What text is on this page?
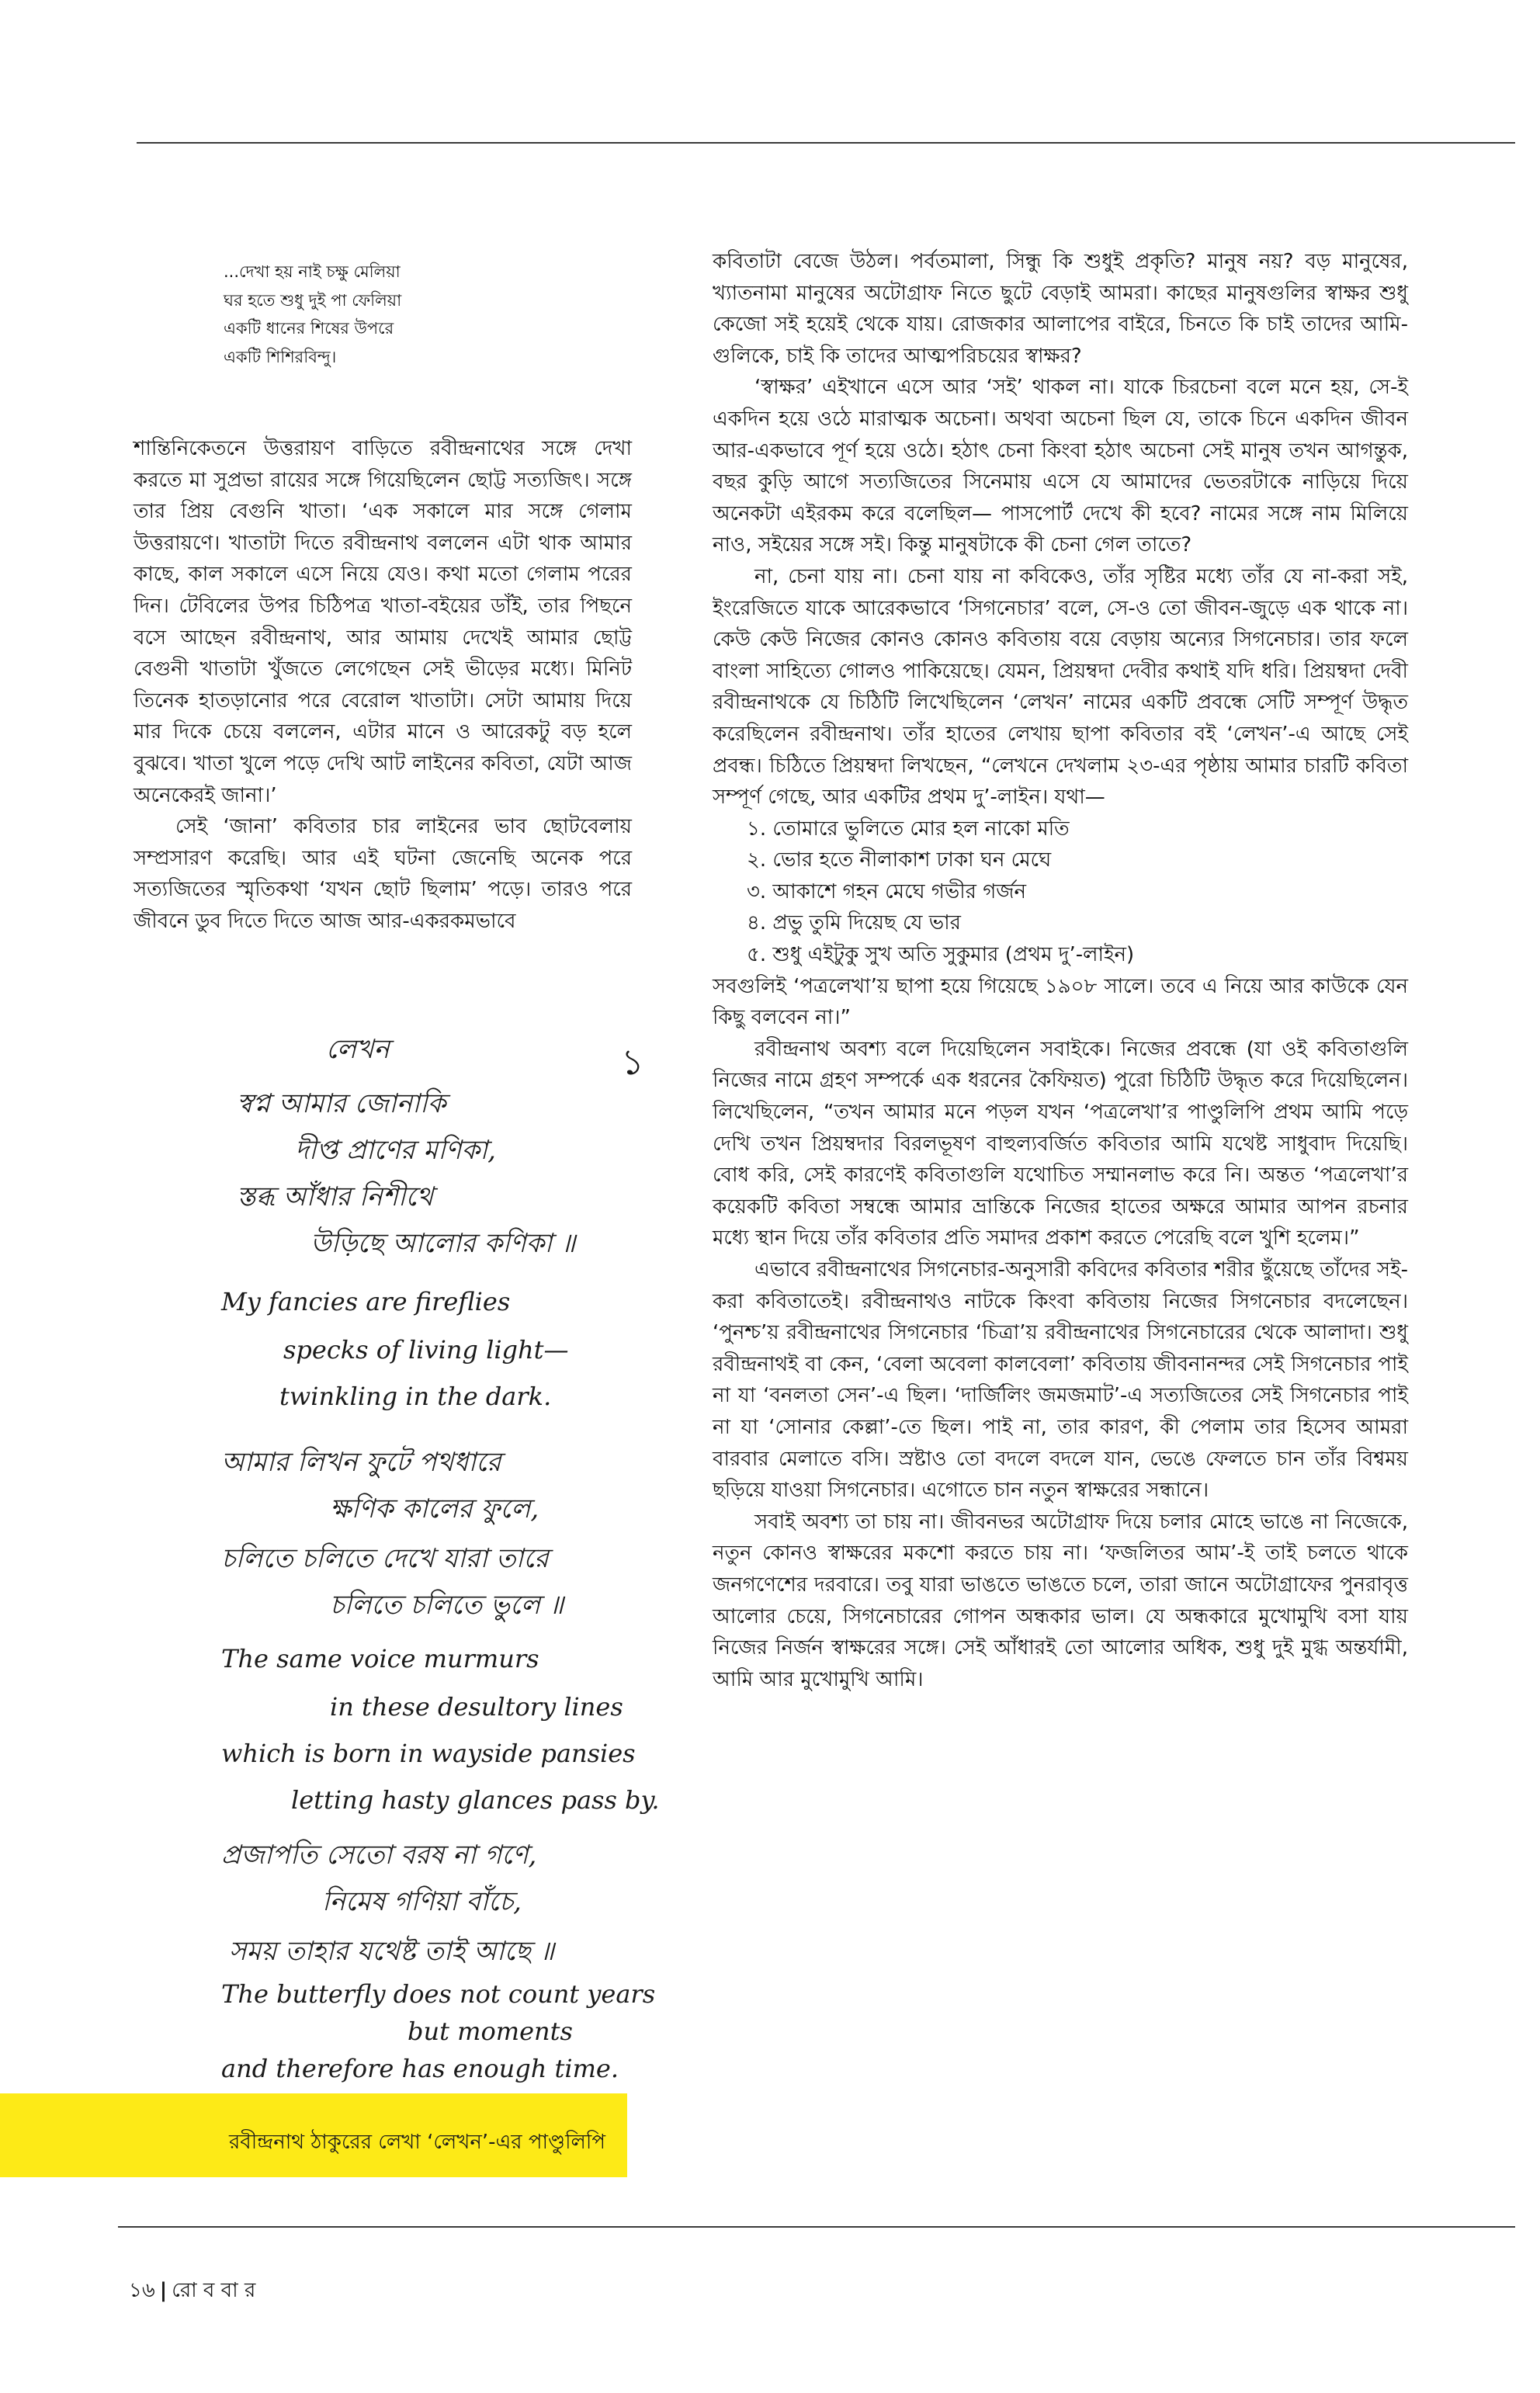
...দেখা হয় নাই চক্ষু মেলিয়া
ঘর হতে শুধু দুই পা ফেলিয়া
একটি ধানের শিষের উপরে
একটি শিশিরবিন্দু।

শান্তিনিকেতনে উত্তরায়ণ বাড়িতে রবীন্দ্রনাথের সঙ্গে দেখা করতে মা সুপ্রভা রায়ের সঙ্গে গিয়েছিলেন ছোট্ট সত্যজিৎ। সঙ্গে তার প্রিয় বেগুনি খাতা। ‘এক সকালে মার সঙ্গে গেলাম উত্তরায়ণে। খাতাটা দিতে রবীন্দ্রনাথ বললেন এটা থাক আমার কাছে, কাল সকালে এসে নিয়ে যেও। কথা মতো গেলাম পরের দিন। টেবিলের উপর চিঠিপত্র খাতা-বইয়ের ডাঁই, তার পিছনে বসে আছেন রবীন্দ্রনাথ, আর আমায় দেখেই আমার ছোট্ট বেগুনী খাতাটা খুঁজতে লেগেছেন সেই ভীড়ের মধ্যে। মিনিট তিনেক হাতড়ানোর পরে বেরোল খাতাটা। সেটা আমায় দিয়ে মার দিকে চেয়ে বললেন, এটার মানে ও আরেকটু বড় হলে বুঝবে। খাতা খুলে পড়ে দেখি আট লাইনের কবিতা, যেটা আজ অনেকেরই জানা।’

সেই ‘জানা’ কবিতার চার লাইনের ভাব ছোটবেলায় সম্প্রসারণ করেছি। আর এই ঘটনা জেনেছি অনেক পরে সত্যজিতের স্মৃতিকথা ‘যখন ছোট ছিলাম’ পড়ে। তারও পরে জীবনে ডুব দিতে দিতে আজ আর-একরকমভাবে

লেখন	১
স্বপ্ন আমার জোনাকি
দীপ্ত প্রাণের মণিকা,
স্তব্ধ আঁধার নিশীথে
উড়িছে আলোর কণিকা ॥
My fancies are fireflies
specks of living light—
twinkling in the dark.
আমার লিখন ফুটে পথধারে
ক্ষণিক কালের ফুলে,
চলিতে চলিতে দেখে যারা তারে
চলিতে চলিতে ভুলে ॥
The same voice murmurs
in these desultory lines
which is born in wayside pansies
letting hasty glances pass by.
প্রজাপতি সেতো বরষ না গণে,
নিমেষ গণিয়া বাঁচে,
সময় তাহার যথেষ্ট তাই আছে ॥
The butterfly does not count years
but moments
and therefore has enough time.
রবীন্দ্রনাথ ঠাকুরের লেখা ‘লেখন’-এর পাণ্ডুলিপি

কবিতাটা বেজে উঠল। পর্বতমালা, সিন্ধু কি শুধুই প্রকৃতি? মানুষ নয়? বড় মানুষের, খ্যাতনামা মানুষের অটোগ্রাফ নিতে ছুটে বেড়াই আমরা। কাছের মানুষগুলির স্বাক্ষর শুধু কেজো সই হয়েই থেকে যায়। রোজকার আলাপের বাইরে, চিনতে কি চাই তাদের আমি-গুলিকে, চাই কি তাদের আত্মপরিচয়ের স্বাক্ষর?

‘স্বাক্ষর’ এইখানে এসে আর ‘সই’ থাকল না। যাকে চিরচেনা বলে মনে হয়, সে-ই একদিন হয়ে ওঠে মারাত্মক অচেনা। অথবা অচেনা ছিল যে, তাকে চিনে একদিন জীবন আর-একভাবে পূর্ণ হয়ে ওঠে। হঠাৎ চেনা কিংবা হঠাৎ অচেনা সেই মানুষ তখন আগন্তুক, বছর কুড়ি আগে সত্যজিতের সিনেমায় এসে যে আমাদের ভেতরটাকে নাড়িয়ে দিয়ে অনেকটা এইরকম করে বলেছিল— পাসপোর্ট দেখে কী হবে? নামের সঙ্গে নাম মিলিয়ে নাও, সইয়ের সঙ্গে সই। কিন্তু মানুষটাকে কী চেনা গেল তাতে?

না, চেনা যায় না। চেনা যায় না কবিকেও, তাঁর সৃষ্টির মধ্যে তাঁর যে না-করা সই, ইংরেজিতে যাকে আরেকভাবে ‘সিগনেচার’ বলে, সে-ও তো জীবন-জুড়ে এক থাকে না। কেউ কেউ নিজের কোনও কোনও কবিতায় বয়ে বেড়ায় অন্যের সিগনেচার। তার ফলে বাংলা সাহিত্যে গোলও পাকিয়েছে। যেমন, প্রিয়ম্বদা দেবীর কথাই যদি ধরি। প্রিয়ম্বদা দেবী রবীন্দ্রনাথকে যে চিঠিটি লিখেছিলেন ‘লেখন’ নামের একটি প্রবন্ধে সেটি সম্পূর্ণ উদ্ধৃত করেছিলেন রবীন্দ্রনাথ। তাঁর হাতের লেখায় ছাপা কবিতার বই ‘লেখন’-এ আছে সেই প্রবন্ধ। চিঠিতে প্রিয়ম্বদা লিখছেন, “লেখনে দেখলাম ২৩-এর পৃষ্ঠায় আমার চারটি কবিতা সম্পূর্ণ গেছে, আর একটির প্রথম দু’-লাইন। যথা—

১. তোমারে ভুলিতে মোর হল নাকো মতি
২. ভোর হতে নীলাকাশ ঢাকা ঘন মেঘে
৩. আকাশে গহন মেঘে গভীর গর্জন
৪. প্রভু তুমি দিয়েছ যে ভার
৫. শুধু এইটুকু সুখ অতি সুকুমার (প্রথম দু’-লাইন)

সবগুলিই ‘পত্রলেখা’য় ছাপা হয়ে গিয়েছে ১৯০৮ সালে। তবে এ নিয়ে আর কাউকে যেন কিছু বলবেন না।”

রবীন্দ্রনাথ অবশ্য বলে দিয়েছিলেন সবাইকে। নিজের প্রবন্ধে (যা ওই কবিতাগুলি নিজের নামে গ্রহণ সম্পর্কে এক ধরনের কৈফিয়ত) পুরো চিঠিটি উদ্ধৃত করে দিয়েছিলেন। লিখেছিলেন, “তখন আমার মনে পড়ল যখন ‘পত্রলেখা’র পাণ্ডুলিপি প্রথম আমি পড়ে দেখি তখন প্রিয়ম্বদার বিরলভূষণ বাহুল্যবর্জিত কবিতার আমি যথেষ্ট সাধুবাদ দিয়েছি। বোধ করি, সেই কারণেই কবিতাগুলি যথোচিত সম্মানলাভ করে নি। অন্তত ‘পত্রলেখা’র কয়েকটি কবিতা সম্বন্ধে আমার ভ্রান্তিকে নিজের হাতের অক্ষরে আমার আপন রচনার মধ্যে স্থান দিয়ে তাঁর কবিতার প্রতি সমাদর প্রকাশ করতে পেরেছি বলে খুশি হলেম।”

এভাবে রবীন্দ্রনাথের সিগনেচার-অনুসারী কবিদের কবিতার শরীর ছুঁয়েছে তাঁদের সই-করা কবিতাতেই। রবীন্দ্রনাথও নাটকে কিংবা কবিতায় নিজের সিগনেচার বদলেছেন। ‘পুনশ্চ’য় রবীন্দ্রনাথের সিগনেচার ‘চিত্রা’য় রবীন্দ্রনাথের সিগনেচারের থেকে আলাদা। শুধু রবীন্দ্রনাথই বা কেন, ‘বেলা অবেলা কালবেলা’ কবিতায় জীবনানন্দর সেই সিগনেচার পাই না যা ‘বনলতা সেন’-এ ছিল। ‘দার্জিলিং জমজমাট’-এ সত্যজিতের সেই সিগনেচার পাই না যা ‘সোনার কেল্লা’-তে ছিল। পাই না, তার কারণ, কী পেলাম তার হিসেব আমরা বারবার মেলাতে বসি। স্রষ্টাও তো বদলে বদলে যান, ভেঙে ফেলতে চান তাঁর বিশ্বময় ছড়িয়ে যাওয়া সিগনেচার। এগোতে চান নতুন স্বাক্ষরের সন্ধানে।

সবাই অবশ্য তা চায় না। জীবনভর অটোগ্রাফ দিয়ে চলার মোহে ভাঙে না নিজেকে, নতুন কোনও স্বাক্ষরের মকশো করতে চায় না। ‘ফজলিতর আম’-ই তাই চলতে থাকে জনগণেশের দরবারে। তবু যারা ভাঙতে ভাঙতে চলে, তারা জানে অটোগ্রাফের পুনরাবৃত্ত আলোর চেয়ে, সিগনেচারের গোপন অন্ধকার ভাল। যে অন্ধকারে মুখোমুখি বসা যায় নিজের নির্জন স্বাক্ষরের সঙ্গে। সেই আঁধারই তো আলোর অধিক, শুধু দুই মুগ্ধ অন্তর্যামী, আমি আর মুখোমুখি আমি।

১৬ | রো ব বা র
